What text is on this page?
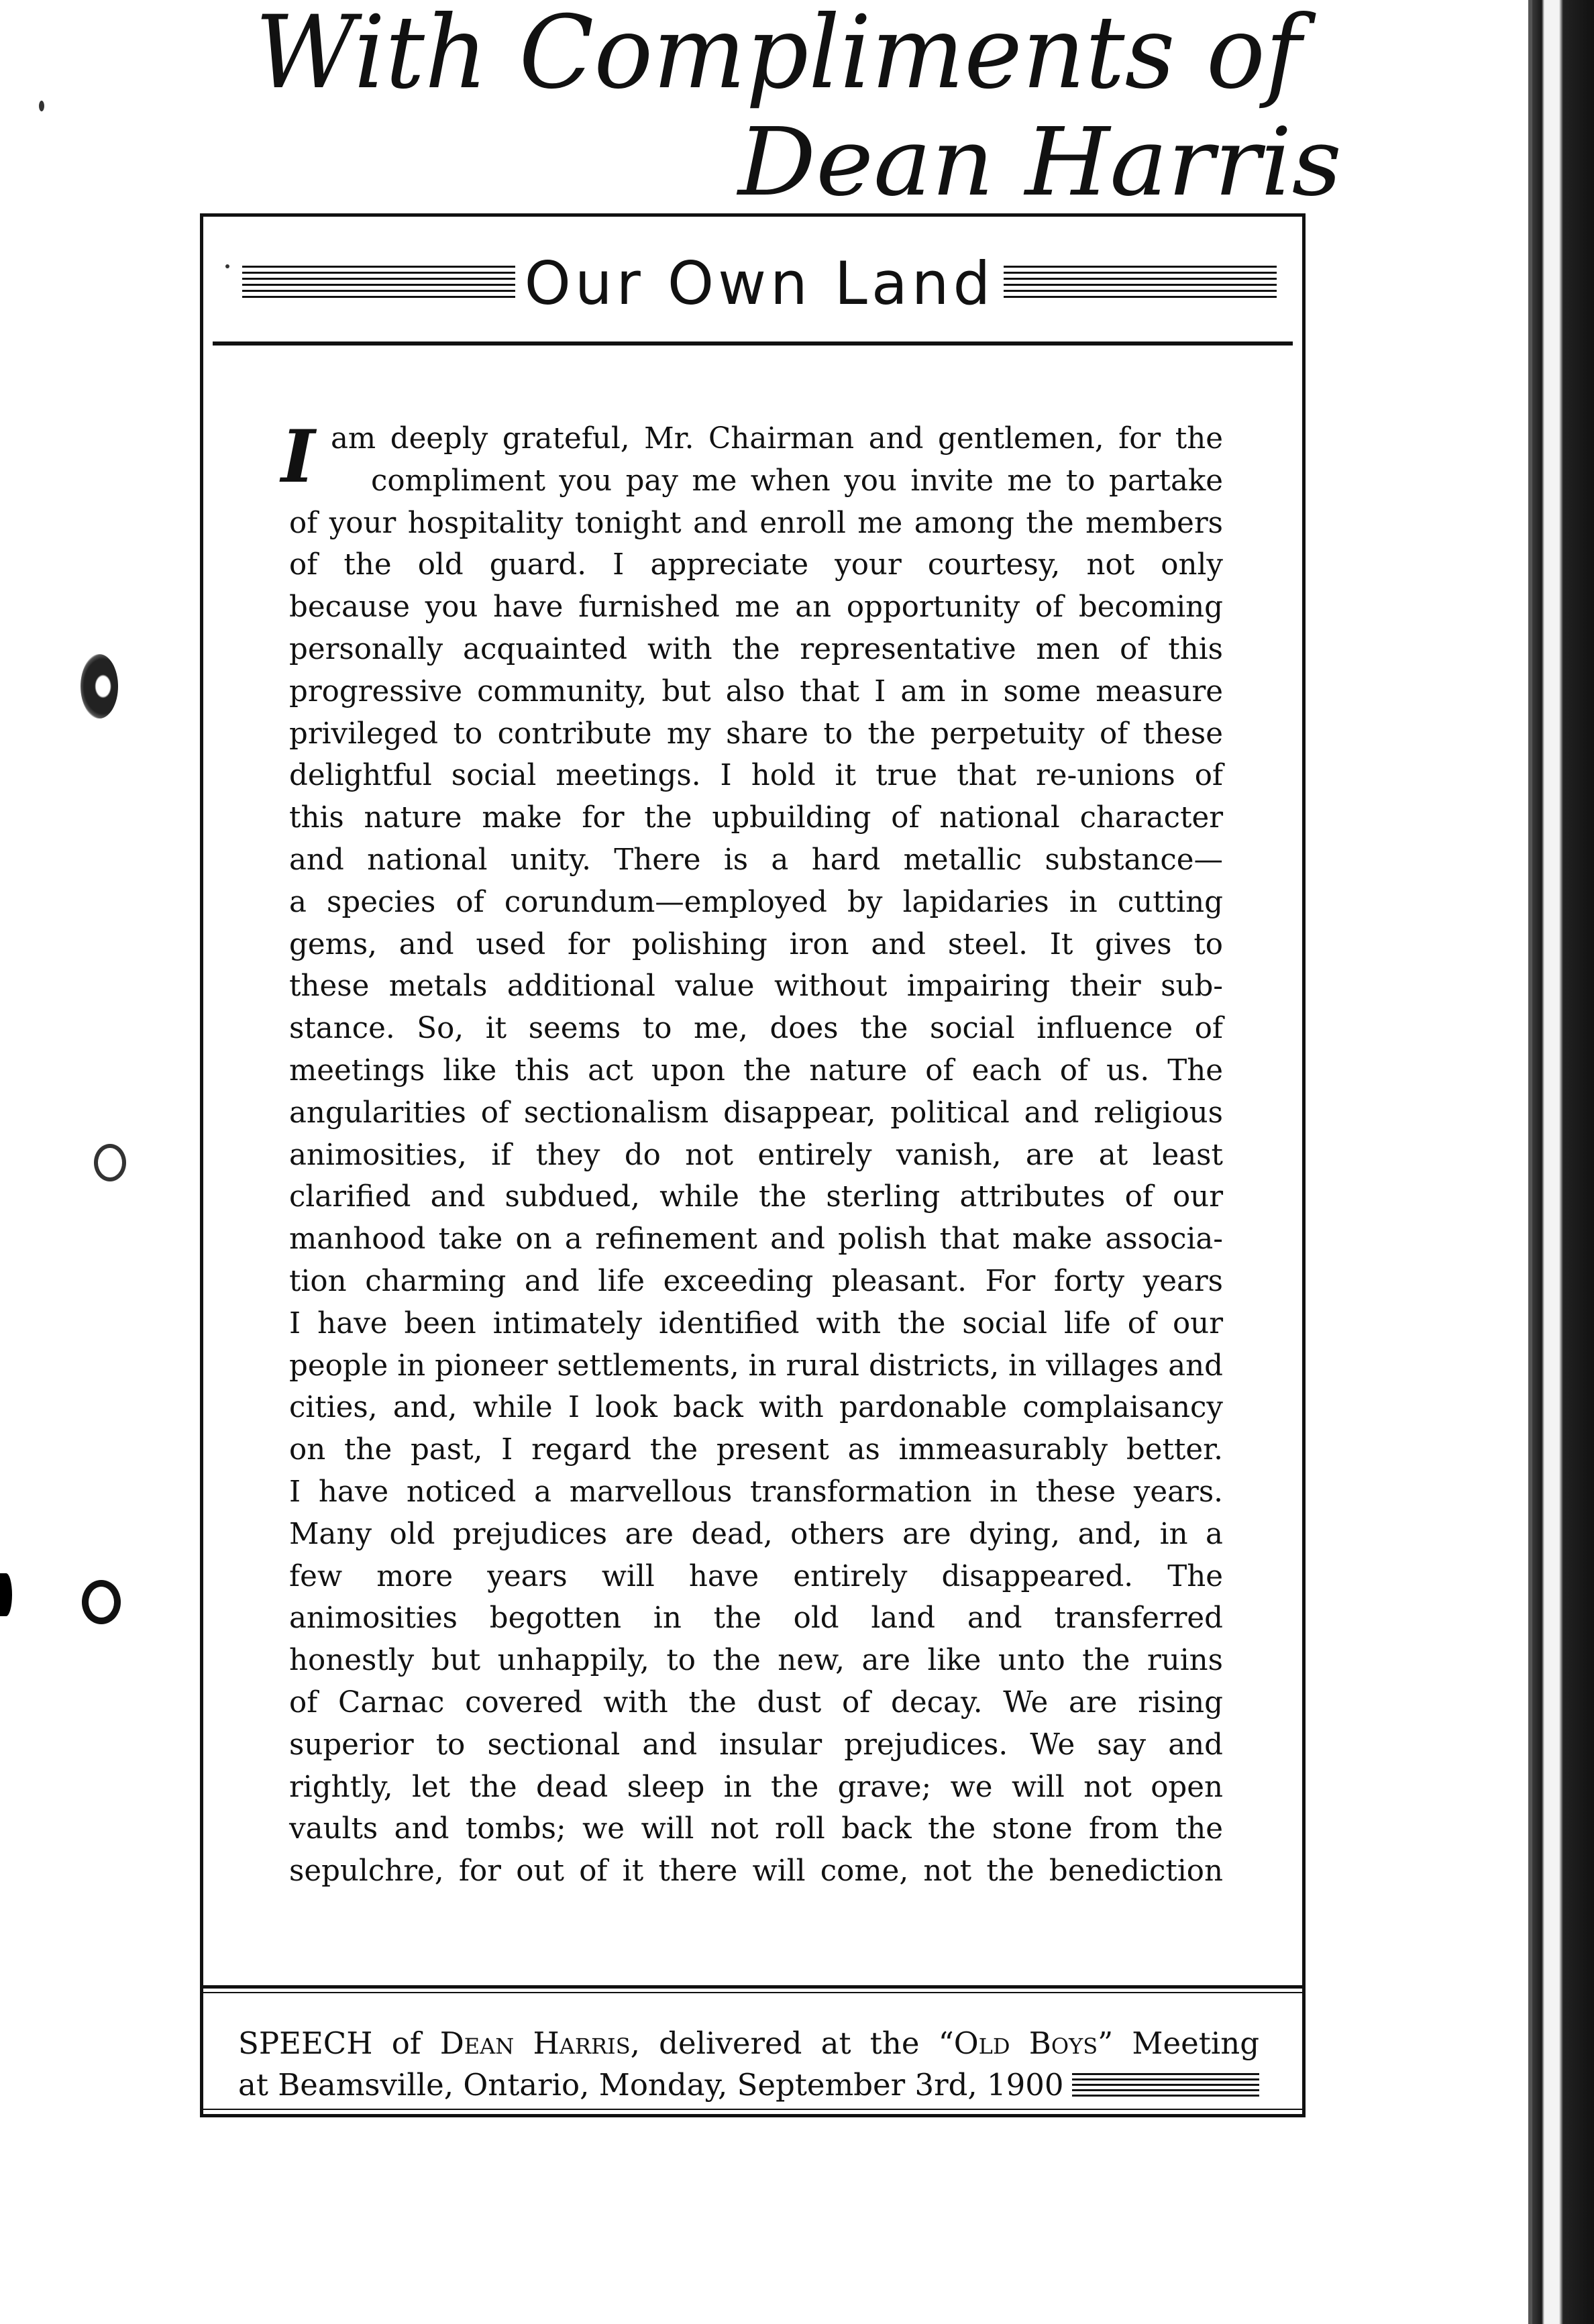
With Compliments of
Dean Harris
Our Own Land
I am deeply grateful, Mr. Chairman and gentlemen, for the
compliment you pay me when you invite me to partake
of your hospitality tonight and enroll me among the members
of the old guard. I appreciate your courtesy, not only
because you have furnished me an opportunity of becoming
personally acquainted with the representative men of this
progressive community, but also that I am in some measure
privileged to contribute my share to the perpetuity of these
delightful social meetings. I hold it true that re-unions of
this nature make for the upbuilding of national character
and national unity. There is a hard metallic substance—
a species of corundum—employed by lapidaries in cutting
gems, and used for polishing iron and steel. It gives to
these metals additional value without impairing their sub-
stance. So, it seems to me, does the social influence of
meetings like this act upon the nature of each of us. The
angularities of sectionalism disappear, political and religious
animosities, if they do not entirely vanish, are at least
clarified and subdued, while the sterling attributes of our
manhood take on a refinement and polish that make associa-
tion charming and life exceeding pleasant. For forty years
I have been intimately identified with the social life of our
people in pioneer settlements, in rural districts, in villages and
cities, and, while I look back with pardonable complaisancy
on the past, I regard the present as immeasurably better.
I have noticed a marvellous transformation in these years.
Many old prejudices are dead, others are dying, and, in a
few more years will have entirely disappeared. The
animosities begotten in the old land and transferred
honestly but unhappily, to the new, are like unto the ruins
of Carnac covered with the dust of decay. We are rising
superior to sectional and insular prejudices. We say and
rightly, let the dead sleep in the grave; we will not open
vaults and tombs; we will not roll back the stone from the
sepulchre, for out of it there will come, not the benediction
SPEECH of Dean Harris, delivered at the “Old Boys” Meeting
at Beamsville, Ontario, Monday, September 3rd, 1900
